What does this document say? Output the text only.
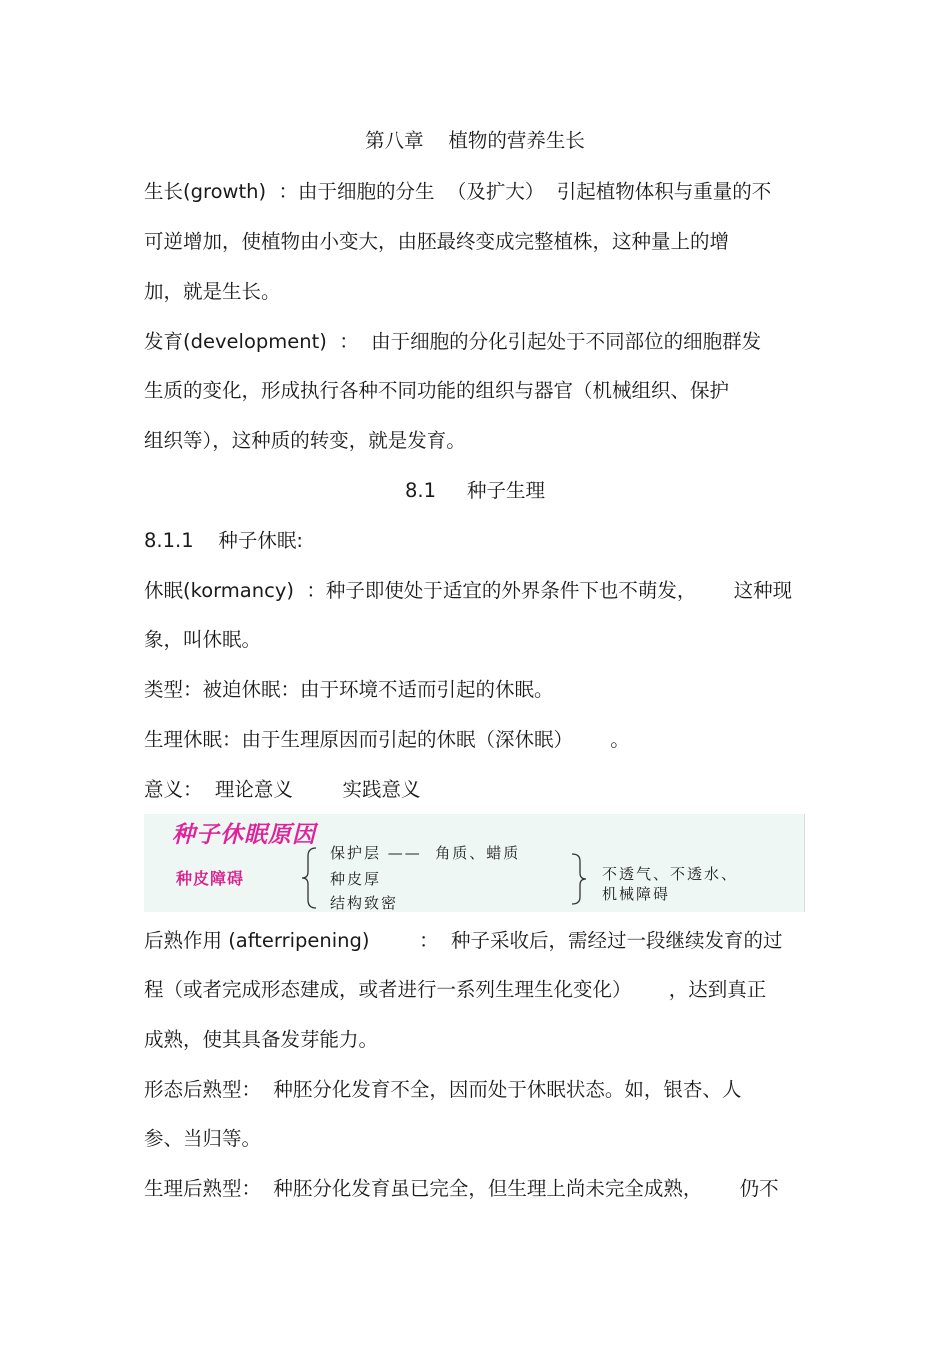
第八章    植物的营养生长
生长(growth)  ：由于细胞的分生  （及扩大）  引起植物体积与重量的不
可逆增加，使植物由小变大，由胚最终变成完整植株，这种量上的增
加，就是生长。
发育(development)  ：  由于细胞的分化引起处于不同部位的细胞群发
生质的变化，形成执行各种不同功能的组织与器官（机械组织、保护
组织等），这种质的转变，就是发育。
8.1     种子生理
8.1.1    种子休眠:
休眠(kormancy)  ：种子即使处于适宜的外界条件下也不萌发，      这种现
象，叫休眠。
类型：被迫休眠：由于环境不适而引起的休眠。
生理休眠：由于生理原因而引起的休眠（深休眠）      。
意义：  理论意义        实践意义
种子休眠原因
种皮障碍
保护层 ——  角质、蜡质
种皮厚
结构致密
不透气、不透水、
机械障碍
后熟作用 (afterripening)        ：  种子采收后，需经过一段继续发育的过
程（或者完成形态建成，或者进行一系列生理生化变化）      ，达到真正
成熟，使其具备发芽能力。
形态后熟型：  种胚分化发育不全，因而处于休眠状态。如，银杏、人
参、当归等。
生理后熟型：  种胚分化发育虽已完全，但生理上尚未完全成熟，      仍不
